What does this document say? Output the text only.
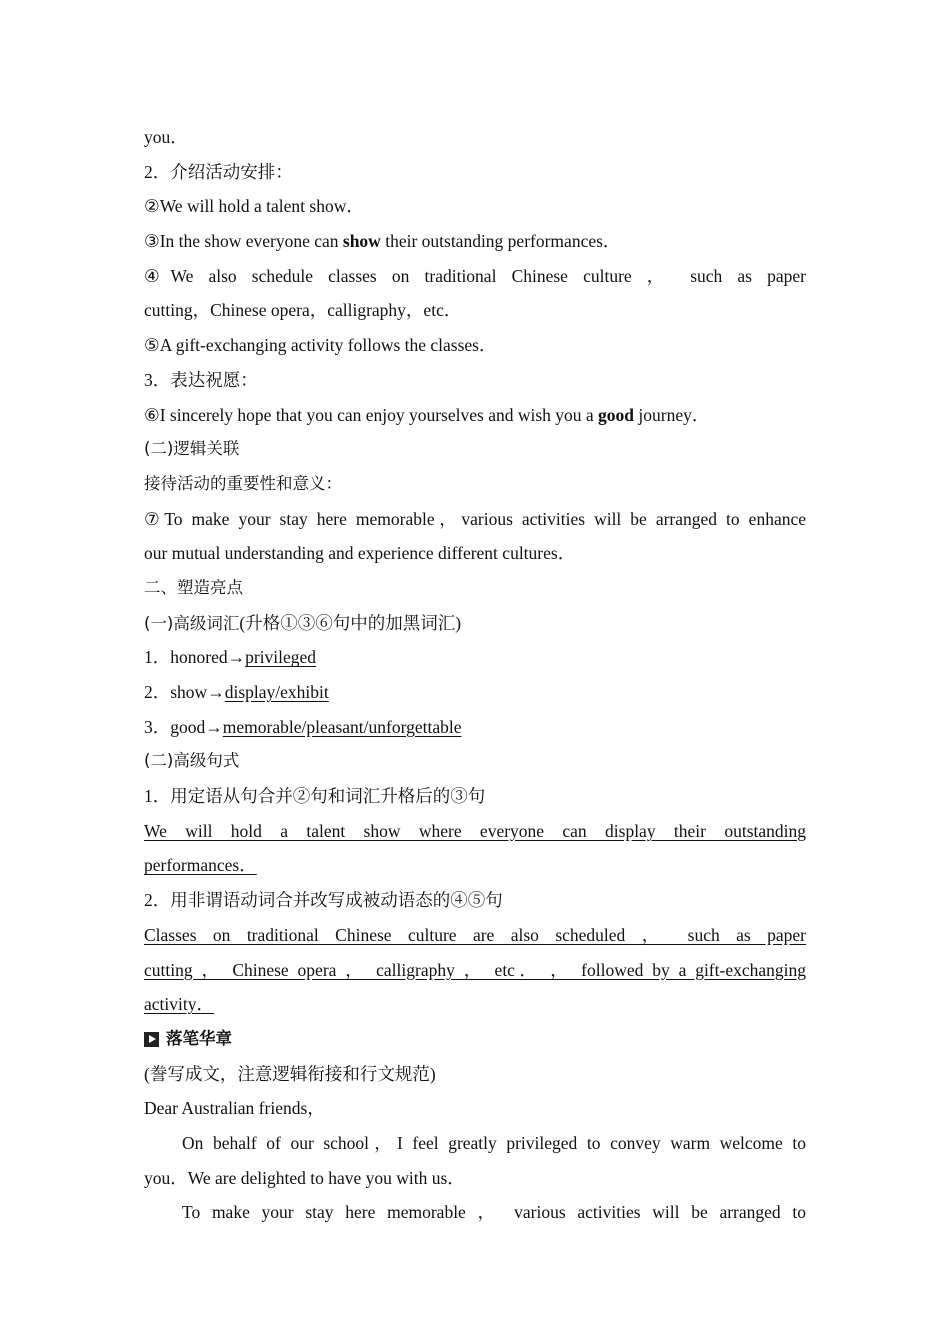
you．
2．介绍活动安排：
②We will hold a talent show．
③In the show everyone can show their outstanding performances．
④We also schedule classes on traditional Chinese culture ， such as paper
cutting，Chinese opera，calligraphy，etc．
⑤A gift-exchanging activity follows the classes．
3．表达祝愿：
⑥I sincerely hope that you can enjoy yourselves and wish you a good journey．
(二)逻辑关联
接待活动的重要性和意义：
⑦To make your stay here memorable，various activities will be arranged to enhance
our mutual understanding and experience different cultures．
二、塑造亮点
(一)高级词汇(升格①③⑥句中的加黑词汇)
1．honored→privileged
2．show→display/exhibit
3．good→memorable/pleasant/unforgettable
(二)高级句式
1．用定语从句合并②句和词汇升格后的③句
We will hold a talent show where everyone can display their outstanding
performances．
2．用非谓语动词合并改写成被动语态的④⑤句
Classes on traditional Chinese culture are also scheduled ， such as paper
cutting ， Chinese opera ， calligraphy ， etc． ， followed by a gift-exchanging
activity．
落笔华章
(誊写成文，注意逻辑衔接和行文规范)
Dear Australian friends，
On behalf of our school，I feel greatly privileged to convey warm welcome to
you．We are delighted to have you with us．
To make your stay here memorable ， various activities will be arranged to
